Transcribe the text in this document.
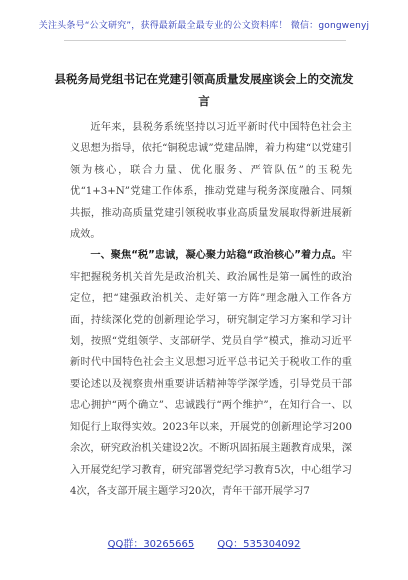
关注头条号“公文研究”，获得最新最全最专业的公文资料库！ 微信：gongwenyj
县税务局党组书记在党建引领高质量发展座谈会上的交流发言

近年来，县税务系统坚持以习近平新时代中国特色社会主义思想为指导，依托“铜税忠诚”党建品牌，着力构建“以党建引领为核心，联合力量、优化服务、严管队伍”的玉税先优“1+3+N”党建工作体系，推动党建与税务深度融合、同频共振，推动高质量党建引领税收事业高质量发展取得新进展新成效。

一、聚焦“税”忠诚，凝心聚力站稳“政治核心”着力点。牢牢把握税务机关首先是政治机关、政治属性是第一属性的政治定位，把“建强政治机关、走好第一方阵”理念融入工作各方面，持续深化党的创新理论学习，研究制定学习方案和学习计划，按照“党组领学、支部研学、党员自学”模式，推动习近平新时代中国特色社会主义思想习近平总书记关于税收工作的重要论述以及视察贵州重要讲话精神等学深学透，引导党员干部忠心拥护“两个确立”、忠诚践行“两个维护”，在知行合一、以知促行上取得实效。2023年以来，开展党的创新理论学习200余次，研究政治机关建设2次。不断巩固拓展主题教育成果，深入开展党纪学习教育，研究部署党纪学习教育5次，中心组学习4次，各支部开展主题学习20次，青年干部开展学习7

QQ群：30265665 QQ：535304092
